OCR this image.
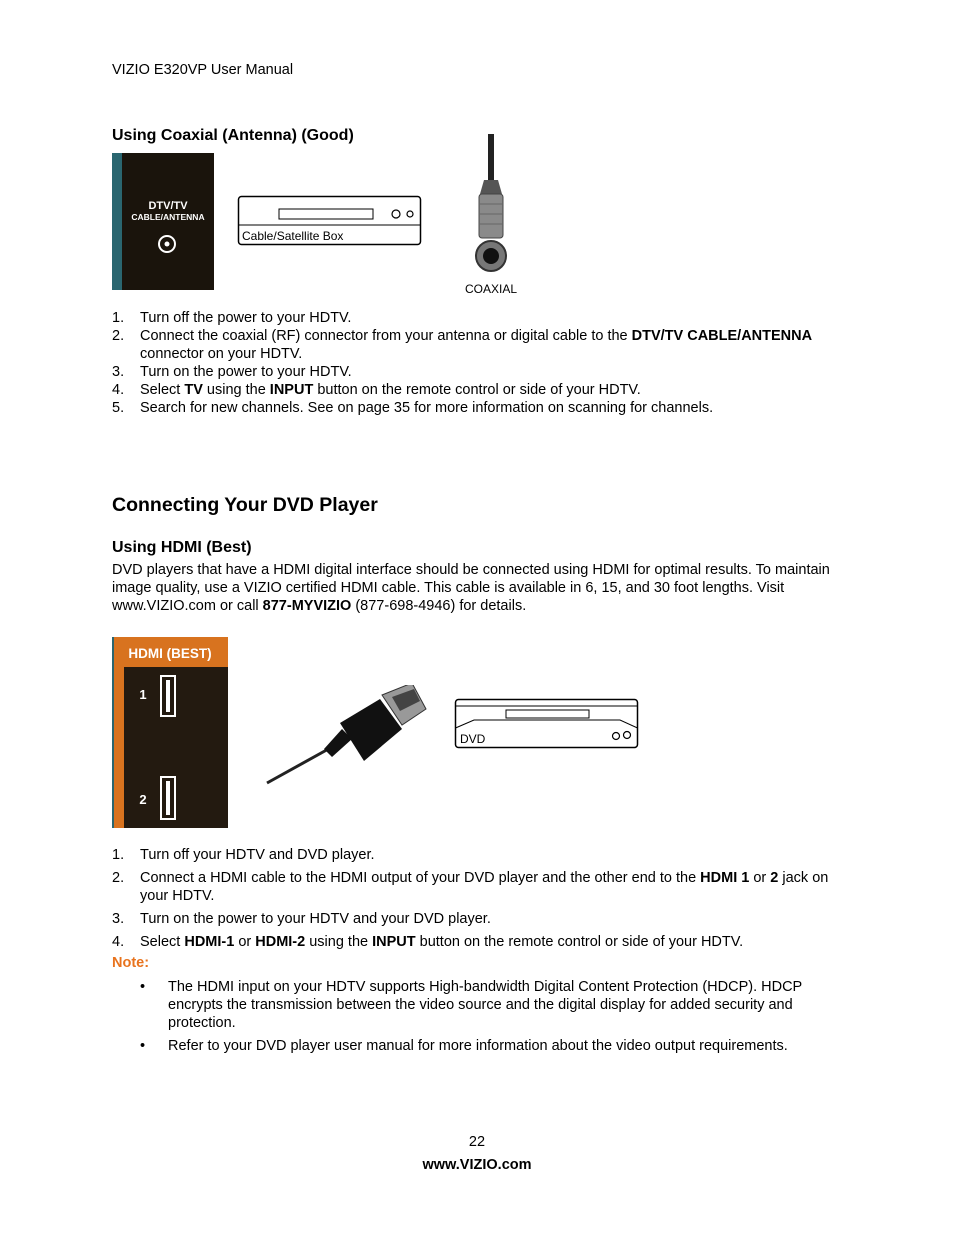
VIZIO E320VP User Manual
Using Coaxial (Antenna) (Good)
DTV/TV
CABLE/ANTENNA
Cable/Satellite Box
COAXIAL
1. Turn off the power to your HDTV.
2. Connect the coaxial (RF) connector from your antenna or digital cable to the DTV/TV CABLE/ANTENNA connector on your HDTV.
3. Turn on the power to your HDTV.
4. Select TV using the INPUT button on the remote control or side of your HDTV.
5. Search for new channels. See on page 35 for more information on scanning for channels.
Connecting Your DVD Player
Using HDMI (Best)
DVD players that have a HDMI digital interface should be connected using HDMI for optimal results. To maintain image quality, use a VIZIO certified HDMI cable. This cable is available in 6, 15, and 30 foot lengths. Visit www.VIZIO.com or call 877-MYVIZIO (877-698-4946) for details.
HDMI (BEST)
1
2
DVD
1. Turn off your HDTV and DVD player.
2. Connect a HDMI cable to the HDMI output of your DVD player and the other end to the HDMI 1 or 2 jack on your HDTV.
3. Turn on the power to your HDTV and your DVD player.
4. Select HDMI-1 or HDMI-2 using the INPUT button on the remote control or side of your HDTV.
Note:
• The HDMI input on your HDTV supports High-bandwidth Digital Content Protection (HDCP). HDCP encrypts the transmission between the video source and the digital display for added security and protection.
• Refer to your DVD player user manual for more information about the video output requirements.
22
www.VIZIO.com
